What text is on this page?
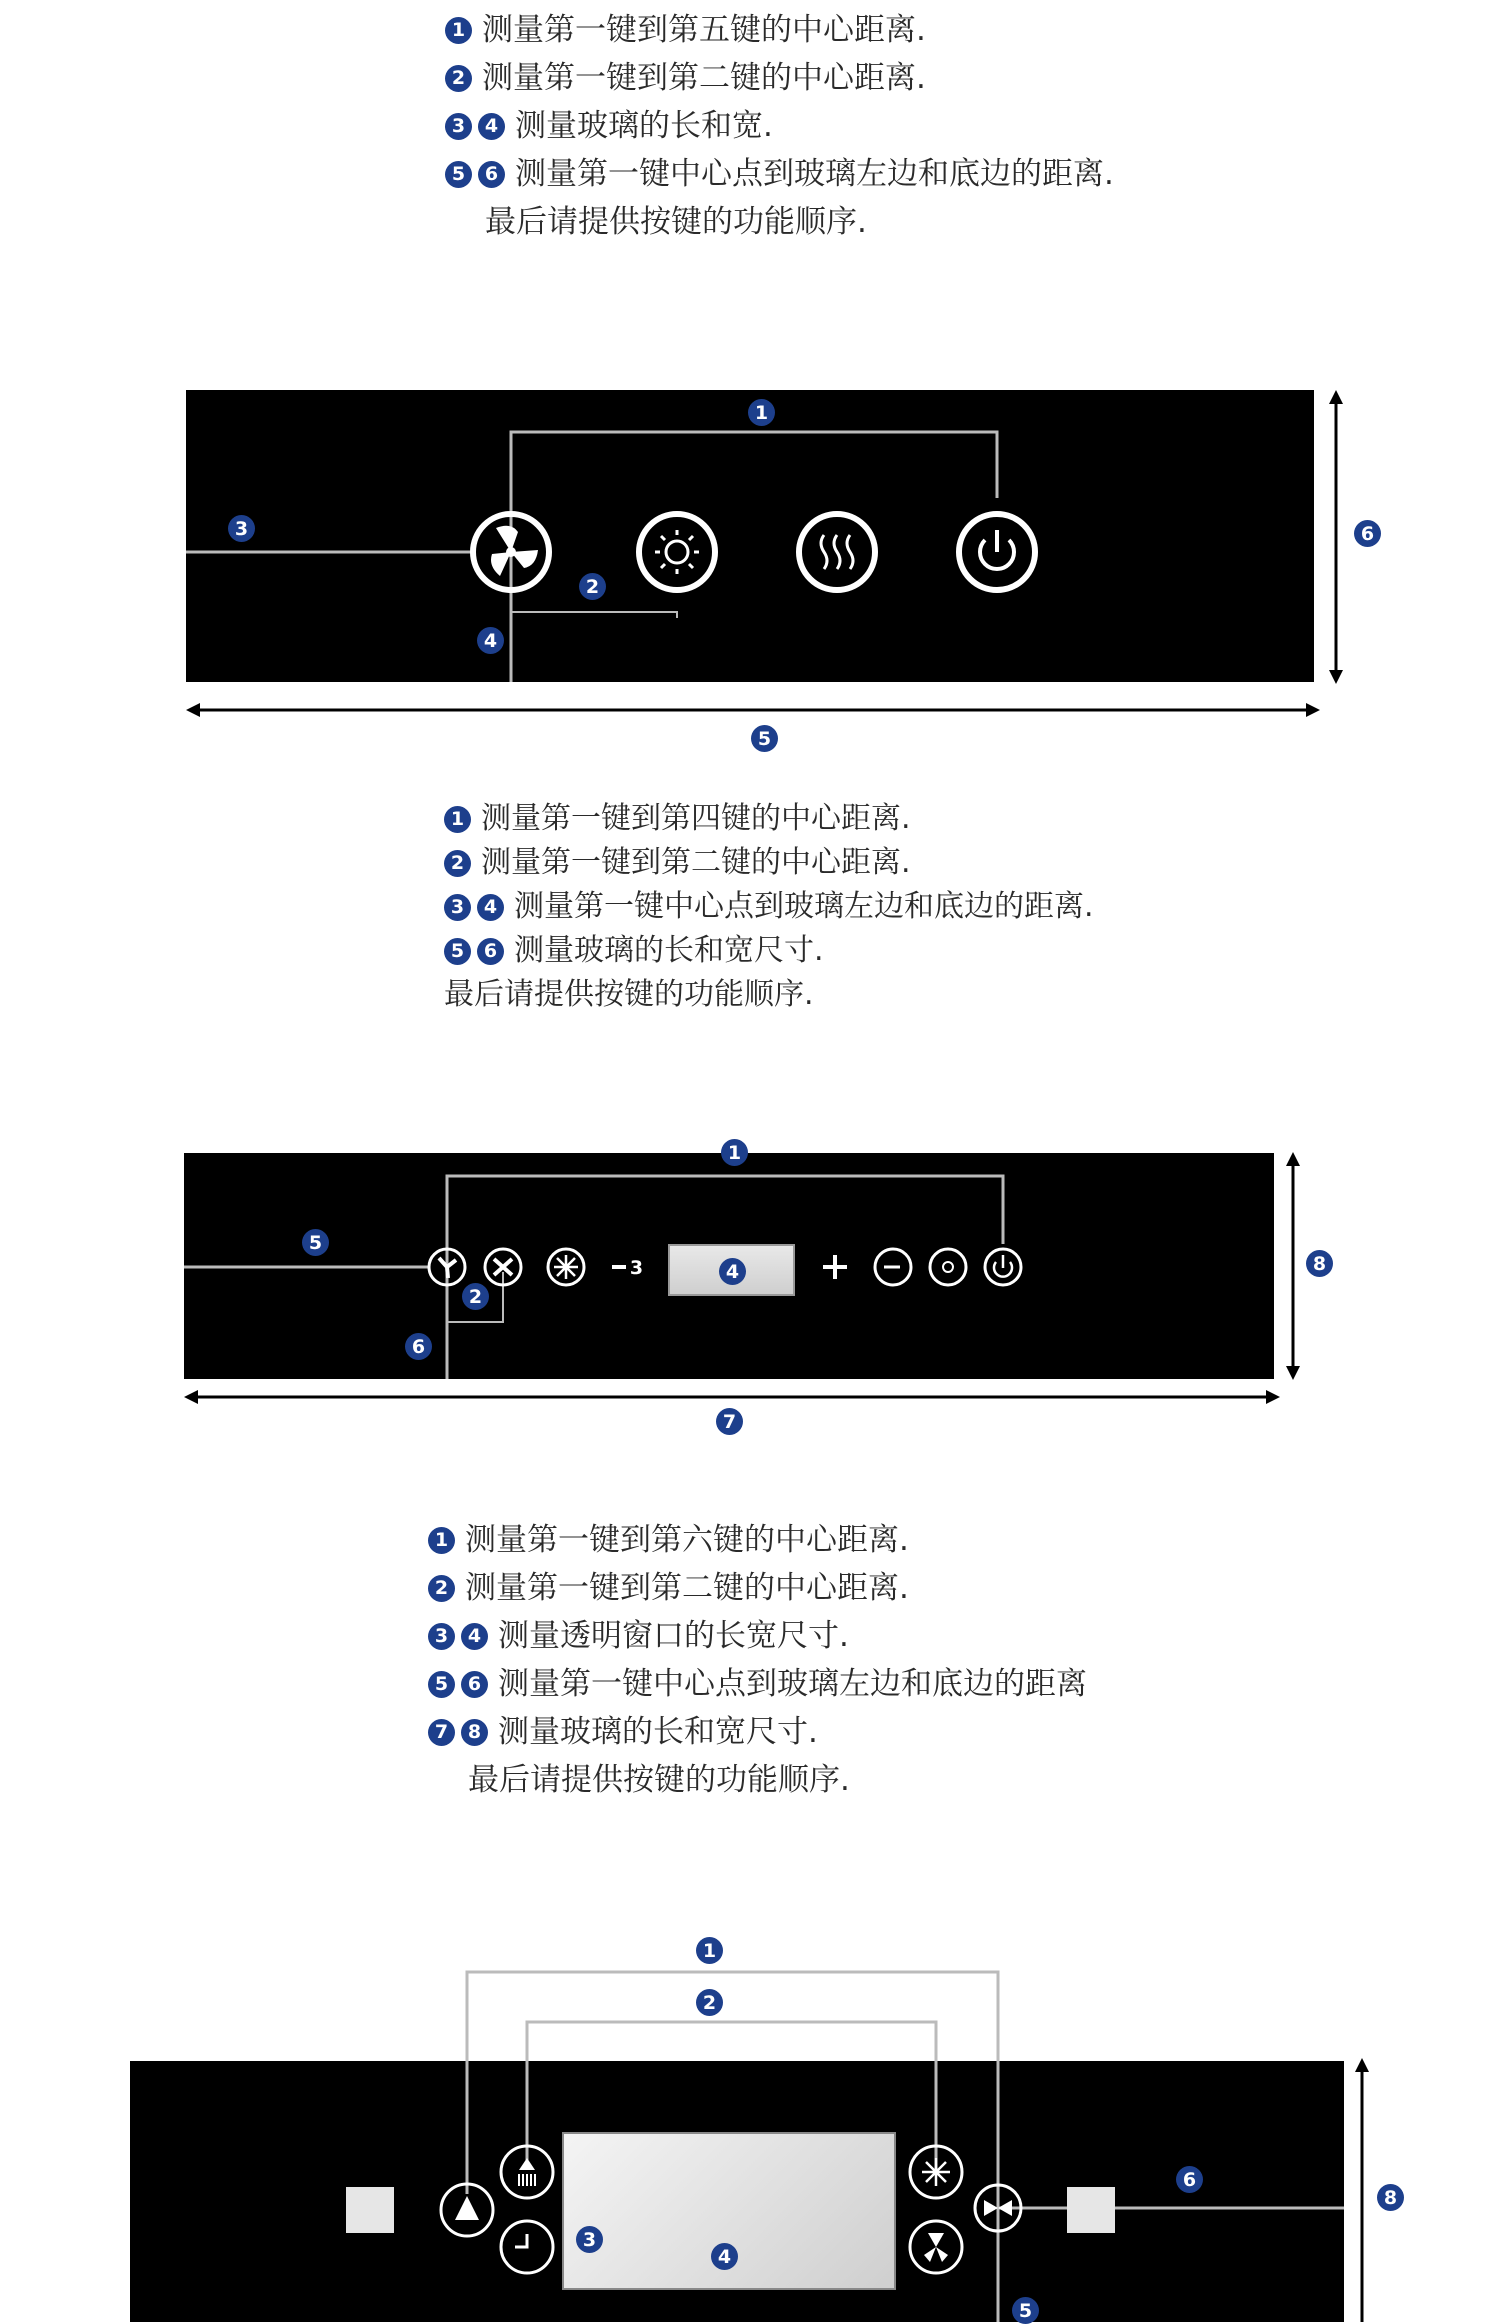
1 测量第一键到第五键的中心距离.
2 测量第一键到第二键的中心距离.
3	4 测量玻璃的长和宽.
5	6 测量第一键中心点到玻璃左边和底边的距离.
最后请提供按键的功能顺序.
1
3
2
4
5
6
1 测量第一键到第四键的中心距离.
2 测量第一键到第二键的中心距离.
3	4 测量第一键中心点到玻璃左边和底边的距离.
5	6 测量玻璃的长和宽尺寸.
最后请提供按键的功能顺序.
4
3
1
5
2
6
7
8
1 测量第一键到第六键的中心距离.
2 测量第一键到第二键的中心距离.
3	4 测量透明窗口的长宽尺寸.
5	6 测量第一键中心点到玻璃左边和底边的距离
7	8 测量玻璃的长和宽尺寸.
最后请提供按键的功能顺序.
1
2
3
4
5
6
8
